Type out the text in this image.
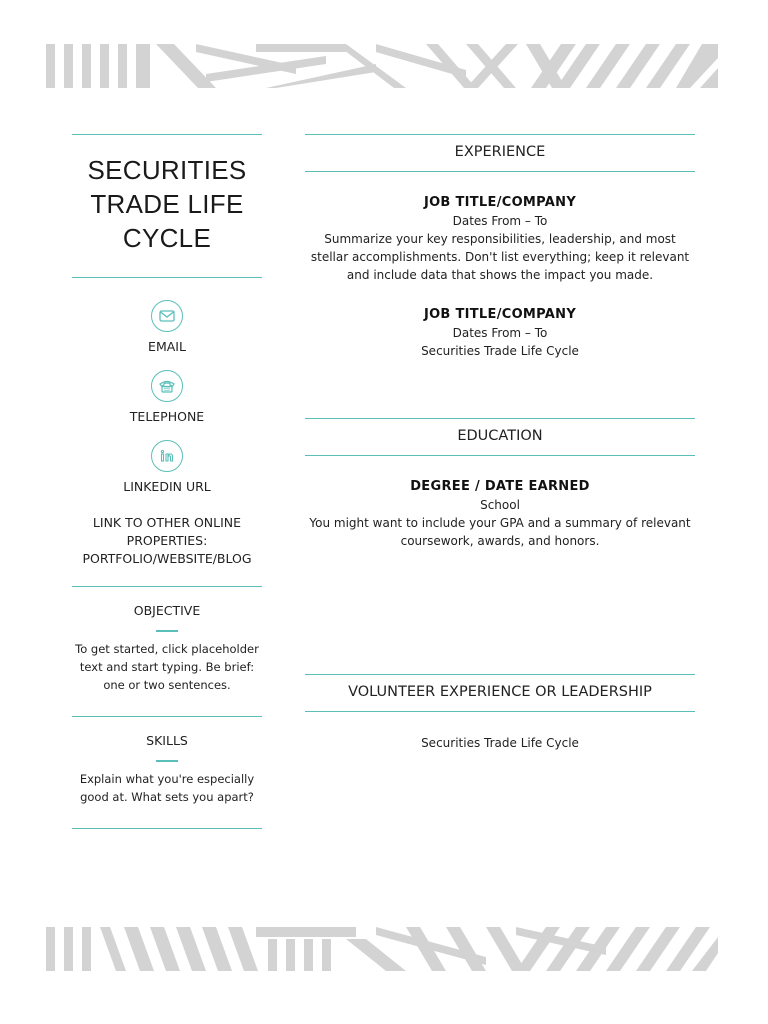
SECURITIES TRADE LIFE CYCLE
EMAIL
TELEPHONE
LINKEDIN URL
LINK TO OTHER ONLINE PROPERTIES: PORTFOLIO/WEBSITE/BLOG
OBJECTIVE
To get started, click placeholder text and start typing. Be brief: one or two sentences.
SKILLS
Explain what you're especially good at. What sets you apart?
EXPERIENCE
JOB TITLE/COMPANY
Dates From – To
Summarize your key responsibilities, leadership, and most stellar accomplishments. Don't list everything; keep it relevant and include data that shows the impact you made.
JOB TITLE/COMPANY
Dates From – To
Securities Trade Life Cycle
EDUCATION
DEGREE / DATE EARNED
School
You might want to include your GPA and a summary of relevant coursework, awards, and honors.
VOLUNTEER EXPERIENCE OR LEADERSHIP
Securities Trade Life Cycle
